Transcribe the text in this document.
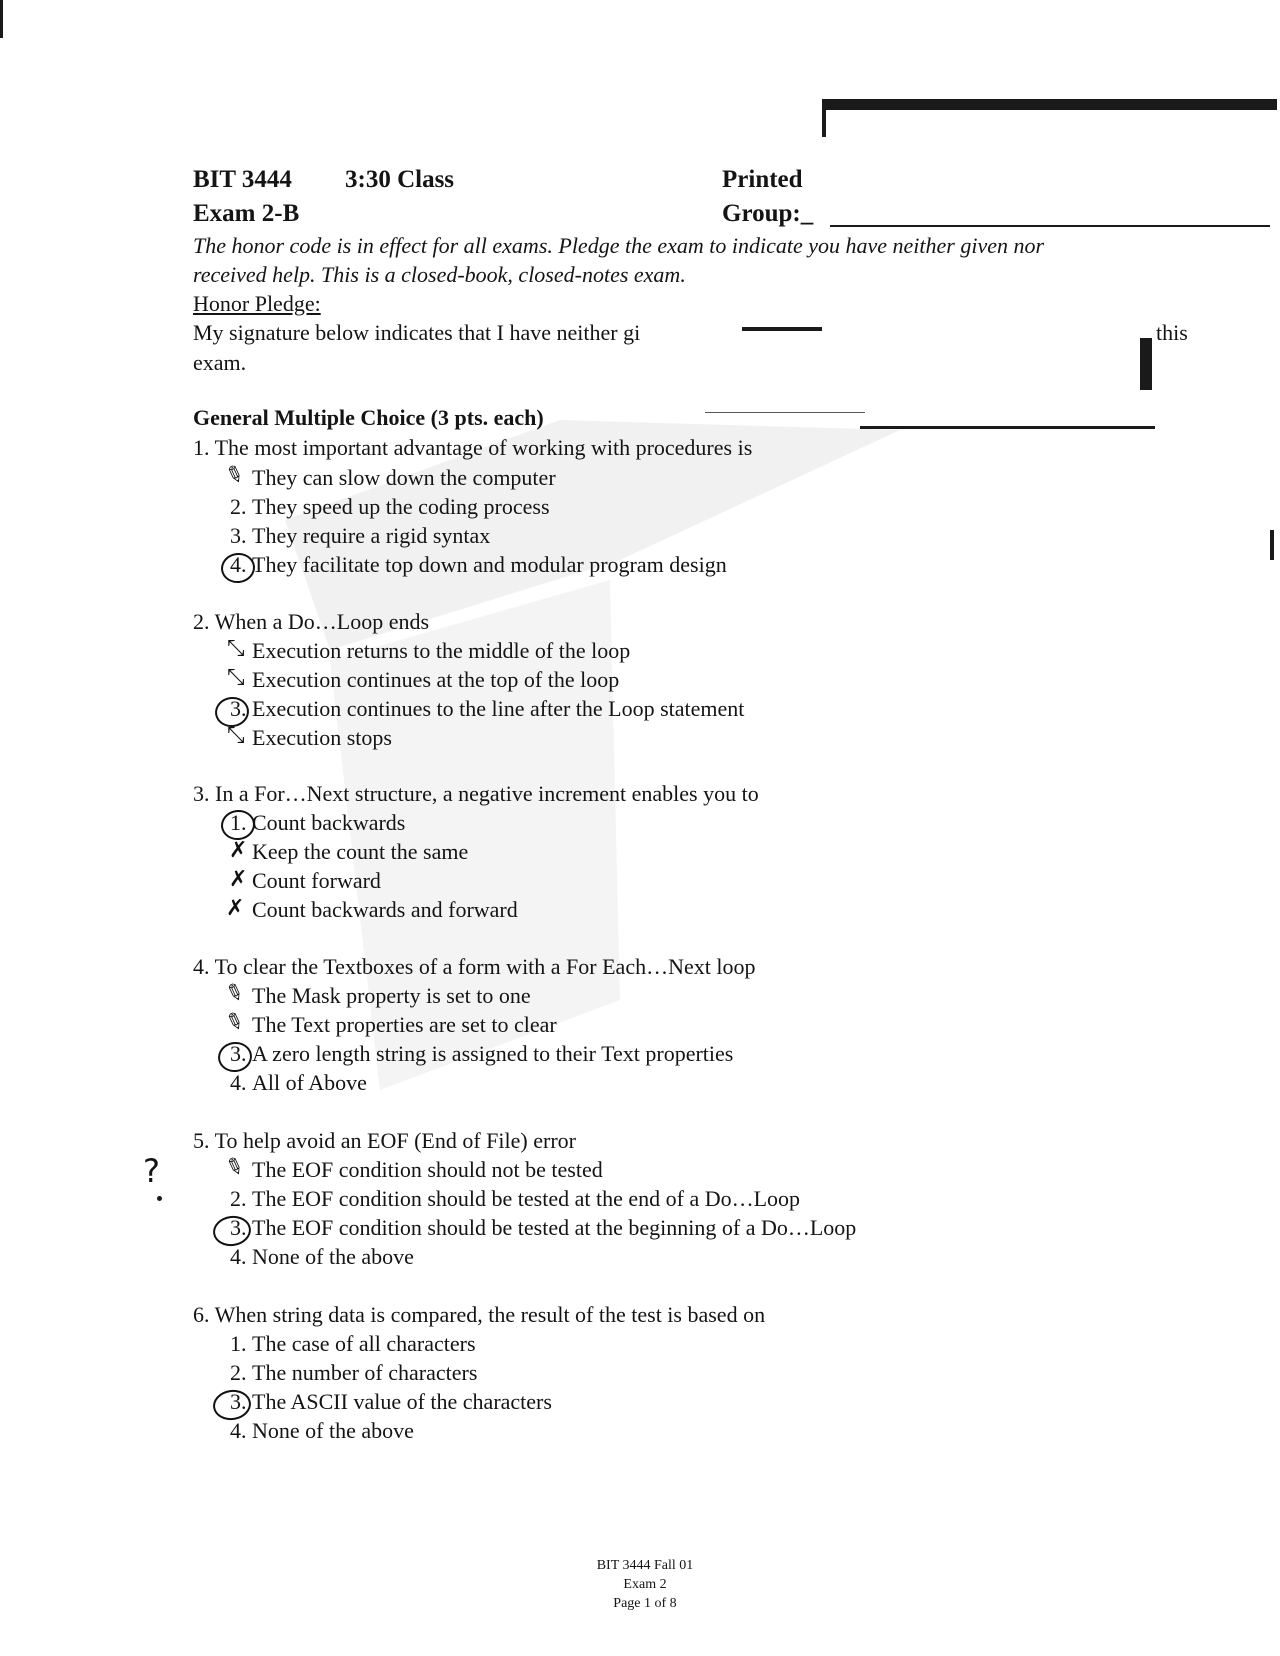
BIT 3444 3:30 Class	Printed
Exam 2-B	Group:_
The honor code is in effect for all exams. Pledge the exam to indicate you have neither given nor
received help. This is a closed-book, closed-notes exam.
Honor Pledge:
My signature below indicates that I have neither gi	this
exam.
General Multiple Choice (3 pts. each)
1. The most important advantage of working with procedures is
They can slow down the computer
2. They speed up the coding process
3. They require a rigid syntax
4. They facilitate top down and modular program design
✎
2. When a Do…Loop ends
Execution returns to the middle of the loop
Execution continues at the top of the loop
3. Execution continues to the line after the Loop statement
Execution stops
⤡
⤡
⤡
3. In a For…Next structure, a negative increment enables you to
1. Count backwards
Keep the count the same
Count forward
Count backwards and forward
✗
✗
✗
4. To clear the Textboxes of a form with a For Each…Next loop
The Mask property is set to one
The Text properties are set to clear
3. A zero length string is assigned to their Text properties
4. All of Above
✎
✎
5. To help avoid an EOF (End of File) error
The EOF condition should not be tested
2. The EOF condition should be tested at the end of a Do…Loop
3. The EOF condition should be tested at the beginning of a Do…Loop
4. None of the above
✎
?
6. When string data is compared, the result of the test is based on
1. The case of all characters
2. The number of characters
3. The ASCII value of the characters
4. None of the above
BIT 3444 Fall 01
Exam 2
Page 1 of 8
